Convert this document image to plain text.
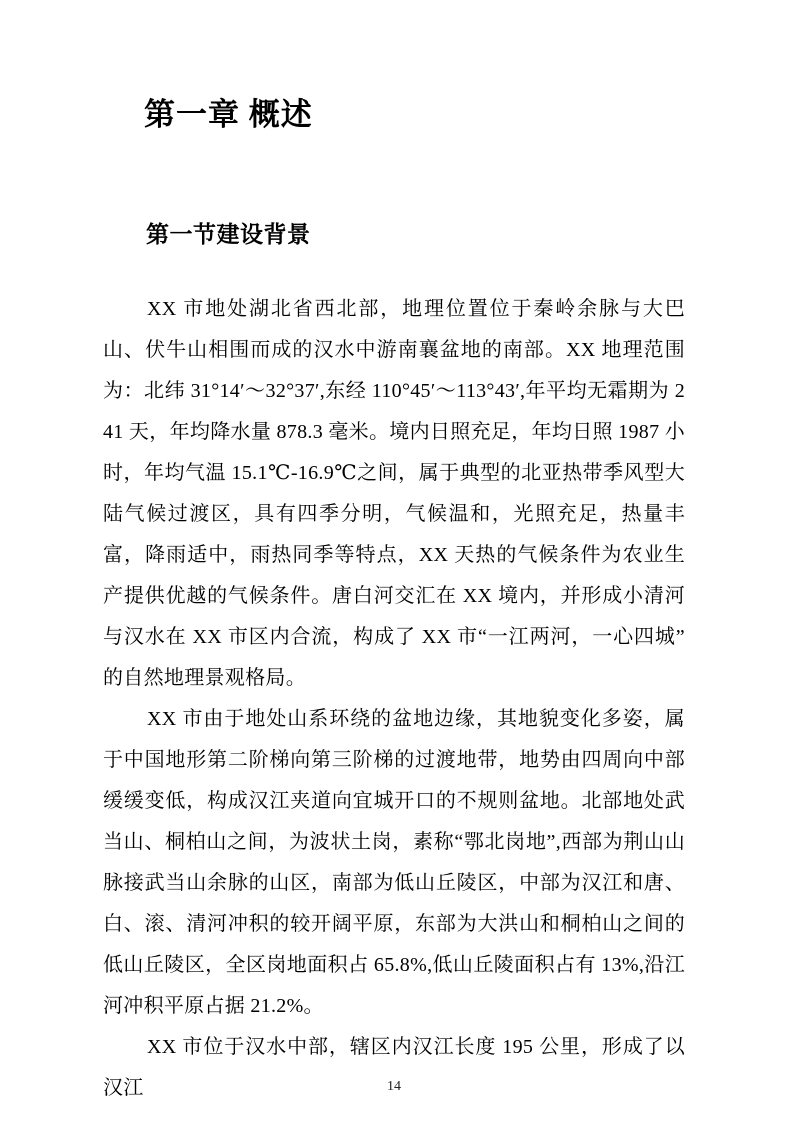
第一章 概述
第一节建设背景

XX 市地处湖北省西北部，地理位置位于秦岭余脉与大巴山、伏牛山相围而成的汉水中游南襄盆地的南部。XX 地理范围为：北纬 31°14′～32°37′,东经 110°45′～113°43′,年平均无霜期为 241 天，年均降水量 878.3 毫米。境内日照充足，年均日照 1987 小时，年均气温 15.1℃-16.9℃之间，属于典型的北亚热带季风型大陆气候过渡区，具有四季分明，气候温和，光照充足，热量丰富，降雨适中，雨热同季等特点，XX 天热的气候条件为农业生产提供优越的气候条件。唐白河交汇在 XX 境内，并形成小清河与汉水在 XX 市区内合流，构成了 XX 市“一江两河，一心四城”的自然地理景观格局。

XX 市由于地处山系环绕的盆地边缘，其地貌变化多姿，属于中国地形第二阶梯向第三阶梯的过渡地带，地势由四周向中部缓缓变低，构成汉江夹道向宜城开口的不规则盆地。北部地处武当山、桐柏山之间，为波状土岗，素称“鄂北岗地”,西部为荆山山脉接武当山余脉的山区，南部为低山丘陵区，中部为汉江和唐、白、滚、清河冲积的较开阔平原，东部为大洪山和桐柏山之间的低山丘陵区，全区岗地面积占 65.8%,低山丘陵面积占有 13%,沿江河冲积平原占据 21.2%。

XX 市位于汉水中部，辖区内汉江长度 195 公里，形成了以汉江	14
